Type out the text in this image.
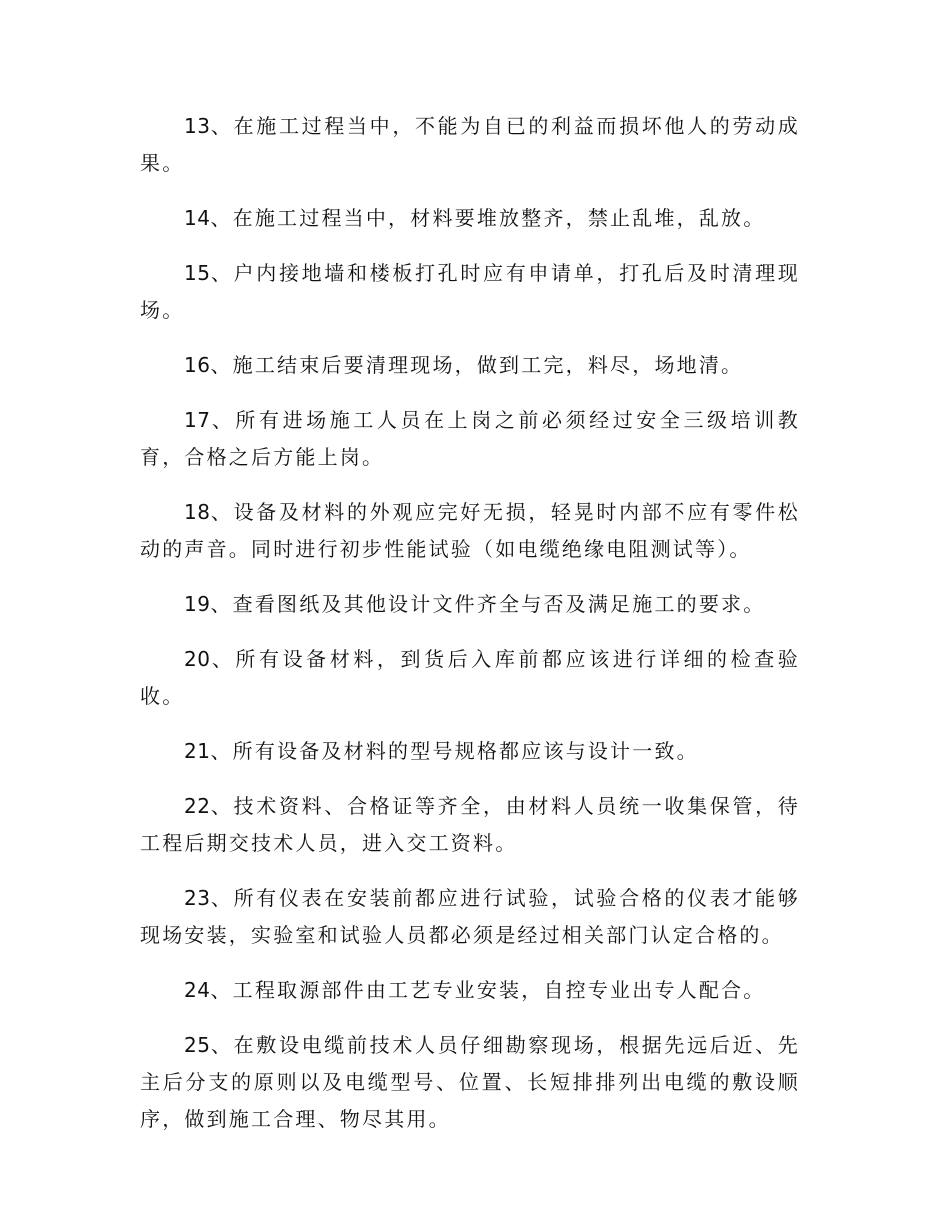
13、在施工过程当中，不能为自已的利益而损坏他人的劳动成果。

14、在施工过程当中，材料要堆放整齐，禁止乱堆，乱放。

15、户内接地墙和楼板打孔时应有申请单，打孔后及时清理现场。

16、施工结束后要清理现场，做到工完，料尽，场地清。

17、所有进场施工人员在上岗之前必须经过安全三级培训教育，合格之后方能上岗。

18、设备及材料的外观应完好无损，轻晃时内部不应有零件松动的声音。同时进行初步性能试验（如电缆绝缘电阻测试等）。

19、查看图纸及其他设计文件齐全与否及满足施工的要求。

20、所有设备材料，到货后入库前都应该进行详细的检查验收。

21、所有设备及材料的型号规格都应该与设计一致。

22、技术资料、合格证等齐全，由材料人员统一收集保管，待工程后期交技术人员，进入交工资料。

23、所有仪表在安装前都应进行试验，试验合格的仪表才能够现场安装，实验室和试验人员都必须是经过相关部门认定合格的。

24、工程取源部件由工艺专业安装，自控专业出专人配合。

25、在敷设电缆前技术人员仔细勘察现场，根据先远后近、先主后分支的原则以及电缆型号、位置、长短排排列出电缆的敷设顺序，做到施工合理、物尽其用。
